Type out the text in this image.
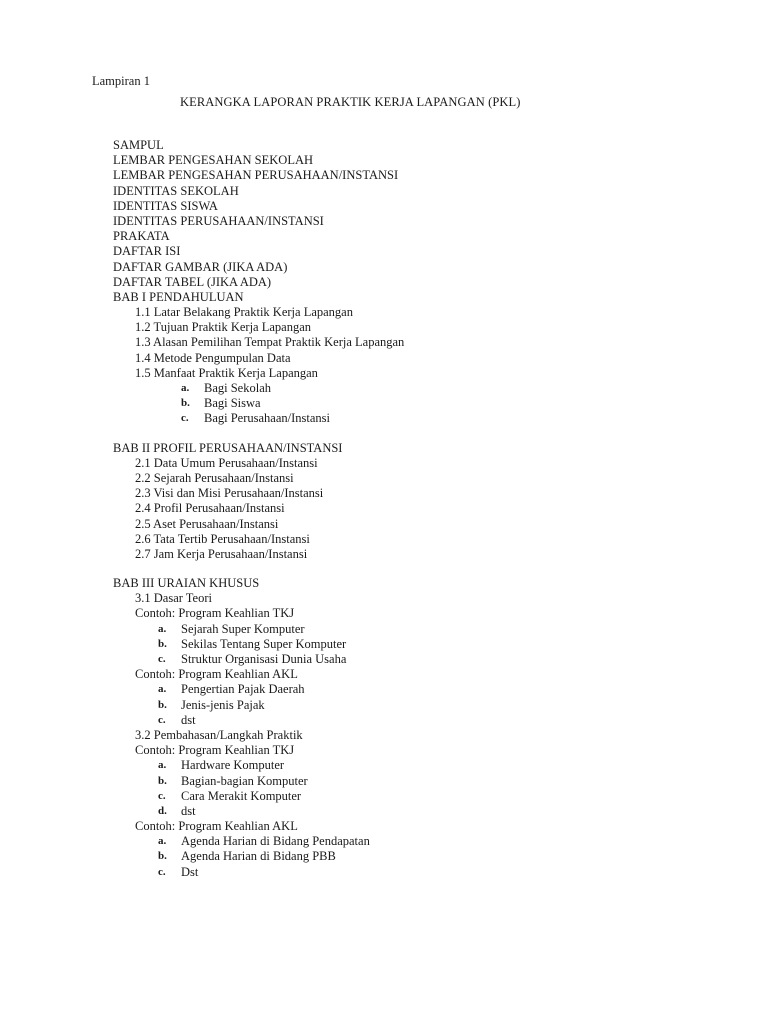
Lampiran 1
KERANGKA LAPORAN PRAKTIK KERJA LAPANGAN (PKL)
SAMPUL
LEMBAR PENGESAHAN SEKOLAH
LEMBAR PENGESAHAN PERUSAHAAN/INSTANSI
IDENTITAS SEKOLAH
IDENTITAS SISWA
IDENTITAS PERUSAHAAN/INSTANSI
PRAKATA
DAFTAR ISI
DAFTAR GAMBAR (JIKA ADA)
DAFTAR TABEL (JIKA ADA)
BAB I PENDAHULUAN
1.1 Latar Belakang Praktik Kerja Lapangan
1.2 Tujuan Praktik Kerja Lapangan
1.3 Alasan Pemilihan Tempat Praktik Kerja Lapangan
1.4 Metode Pengumpulan Data
1.5 Manfaat Praktik Kerja Lapangan
a.	Bagi Sekolah
b.	Bagi Siswa
c.	Bagi Perusahaan/Instansi
BAB II PROFIL PERUSAHAAN/INSTANSI
2.1 Data Umum Perusahaan/Instansi
2.2 Sejarah Perusahaan/Instansi
2.3 Visi dan Misi Perusahaan/Instansi
2.4 Profil Perusahaan/Instansi
2.5 Aset Perusahaan/Instansi
2.6 Tata Tertib Perusahaan/Instansi
2.7 Jam Kerja Perusahaan/Instansi
BAB III URAIAN KHUSUS
3.1 Dasar Teori
Contoh: Program Keahlian TKJ
a.	Sejarah Super Komputer
b.	Sekilas Tentang Super Komputer
c.	Struktur Organisasi Dunia Usaha
Contoh: Program Keahlian AKL
a.	Pengertian Pajak Daerah
b.	Jenis-jenis Pajak
c.	dst
3.2 Pembahasan/Langkah Praktik
Contoh: Program Keahlian TKJ
a.	Hardware Komputer
b.	Bagian-bagian Komputer
c.	Cara Merakit Komputer
d.	dst
Contoh: Program Keahlian AKL
a.	Agenda Harian di Bidang Pendapatan
b.	Agenda Harian di Bidang PBB
c.	Dst
